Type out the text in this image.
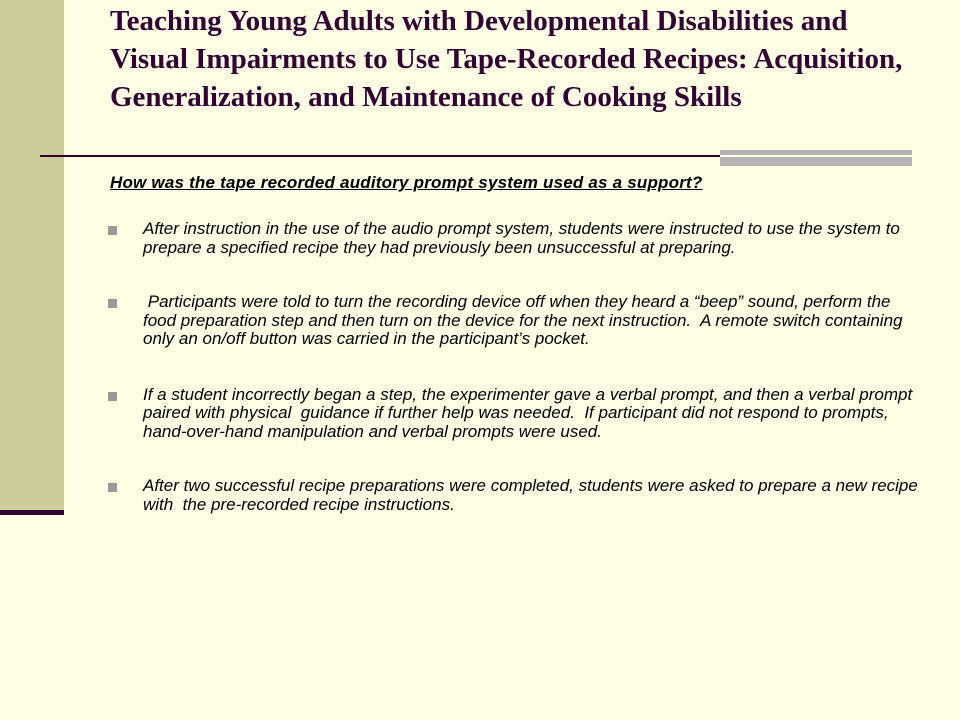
Teaching Young Adults with Developmental Disabilities and Visual Impairments to Use Tape-Recorded Recipes: Acquisition, Generalization, and Maintenance of Cooking Skills

How was the tape recorded auditory prompt system used as a support?

After instruction in the use of the audio prompt system, students were instructed to use the system to prepare a specified recipe they had previously been unsuccessful at preparing.
Participants were told to turn the recording device off when they heard a “beep” sound, perform the food preparation step and then turn on the device for the next instruction.  A remote switch containing only an on/off button was carried in the participant’s pocket.
If a student incorrectly began a step, the experimenter gave a verbal prompt, and then a verbal prompt paired with physical  guidance if further help was needed.  If participant did not respond to prompts, hand-over-hand manipulation and verbal prompts were used.
After two successful recipe preparations were completed, students were asked to prepare a new recipe  with  the pre-recorded recipe instructions.
